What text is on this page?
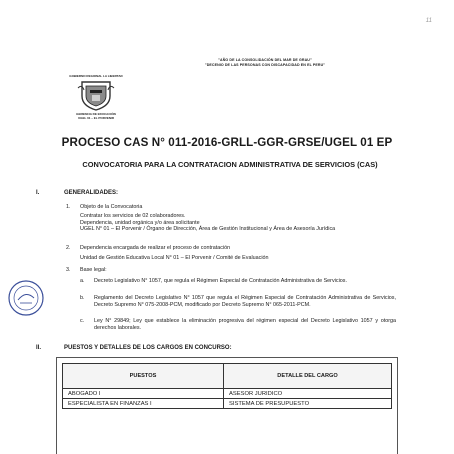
11
"AÑO DE LA CONSOLIDACIÓN DEL MAR DE GRAU"
"DECENIO DE LAS PERSONAS CON DISCAPACIDAD EN EL PERU"
GOBIERNO REGIONAL LA LIBERTAD
GERENCIA DE EDUCACIÓN
UGEL 01 – EL PORVENIR
PROCESO CAS N° 011-2016-GRLL-GGR-GRSE/UGEL 01 EP
CONVOCATORIA PARA LA CONTRATACION ADMINISTRATIVA DE SERVICIOS (CAS)
I.	GENERALIDADES:
1. Objeto de la Convocatoria
Contratar los servicios de 02 colaboradores.
Dependencia, unidad orgánica y/o área solicitante
UGEL N° 01 – El Porvenir / Órgano de Dirección, Área de Gestión Institucional y Área de Asesoría Jurídica
2. Dependencia encargada de realizar el proceso de contratación
Unidad de Gestión Educativa Local N° 01 – El Porvenir / Comité de Evaluación
3. Base legal:
a. Decreto Legislativo N° 1057, que regula el Régimen Especial de Contratación Administrativa de Servicios.
b. Reglamento del Decreto Legislativo N° 1057 que regula el Régimen Especial de Contratación Administrativa de Servicios, Decreto Supremo N° 075-2008-PCM, modificado por Decreto Supremo N° 065-2011-PCM.
c. Ley N° 29849; Ley que establece la eliminación progresiva del régimen especial del Decreto Legislativo 1057 y otorga derechos laborales.
II.	PUESTOS Y DETALLES DE LOS CARGOS EN CONCURSO:
PUESTOS	DETALLE DEL CARGO
ABOGADO I	ASESOR JURIDICO
ESPECIALISTA EN FINANZAS I	SISTEMA DE PRESUPUESTO
